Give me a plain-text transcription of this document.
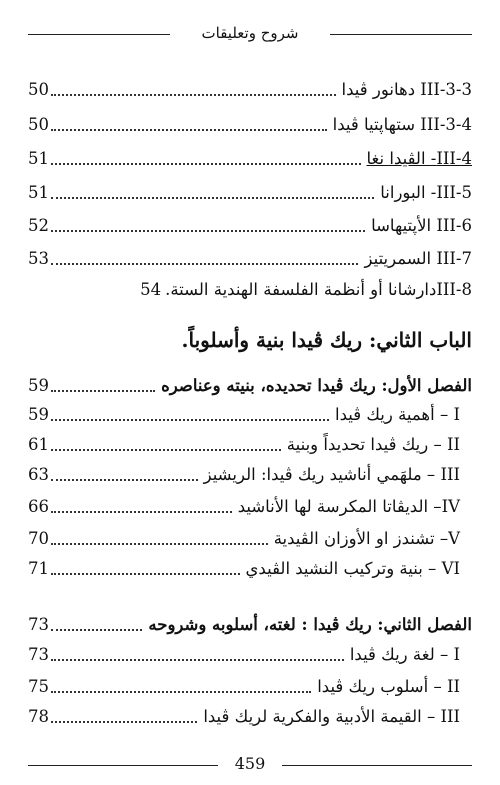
شروح وتعليقات
III-3-3 دهانور ڤيدا
50
III-3-4 ستهاپتيا ڤيدا
50
III-4- الڤيدا نغا
51
III-5- البورانا
51
III-6 الأپتيهاسا
52
III-7 السمريتيز
53
III-8دارشانا أو أنظمة الفلسفة الهندية الستة.
54
الباب الثاني: ريك ڤيدا بنية وأسلوباً.
الفصل الأول: ريك ڤيدا تحديده، بنيته وعناصره
59
I – أهمية ريك ڤيدا
59
II – ريك ڤيدا تحديداً وبنية
61
III – ملهَمي أناشيد ريك ڤيدا: الريشيز
63
IV– الديڤاتا المكرسة لها الأناشيد
66
V– تشندز او الأوزان الڤيدية
70
VI – بنية وتركيب النشيد الڤيدي
71
الفصل الثاني: ريك ڤيدا : لغته، أسلوبه وشروحه
73
I – لغة ريك ڤيدا
73
II – أسلوب ريك ڤيدا
75
III – القيمة الأدبية والفكرية لريك ڤيدا
78
459
